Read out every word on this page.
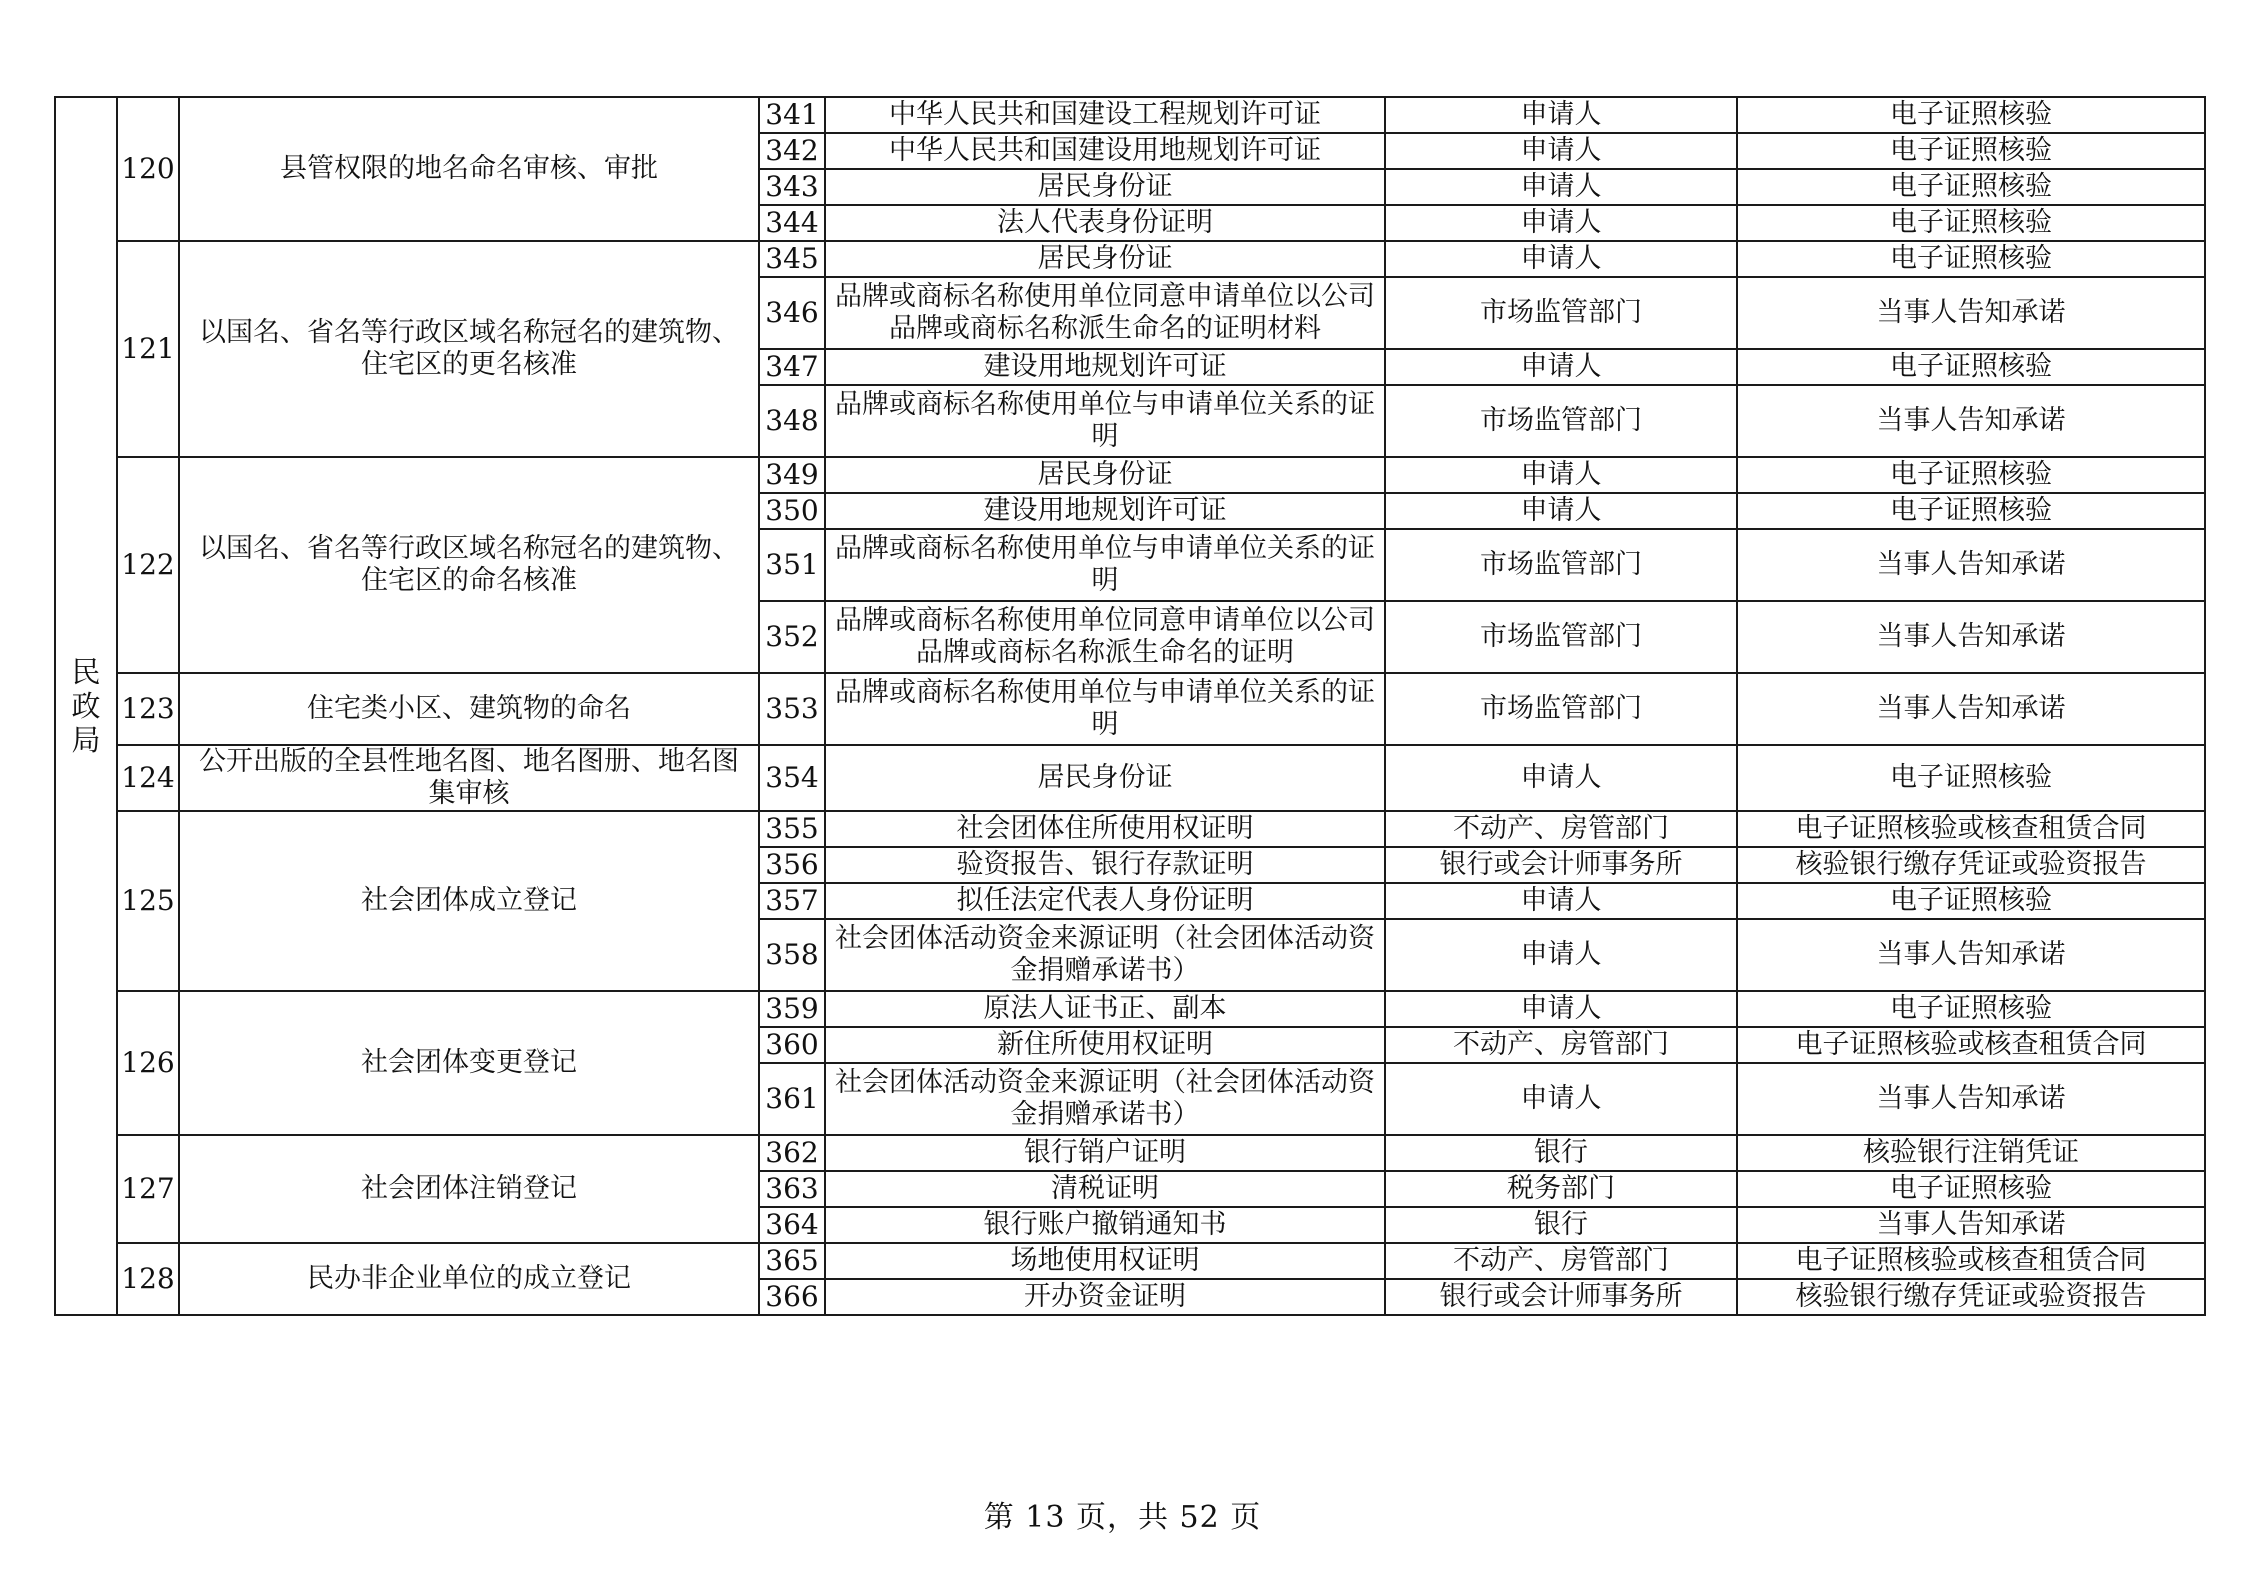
民政局	120	县管权限的地名命名审核、审批	341	中华人民共和国建设工程规划许可证	申请人	电子证照核验
			342	中华人民共和国建设用地规划许可证	申请人	电子证照核验
			343	居民身份证	申请人	电子证照核验
			344	法人代表身份证明	申请人	电子证照核验
	121	以国名、省名等行政区域名称冠名的建筑物、住宅区的更名核准	345	居民身份证	申请人	电子证照核验
			346	品牌或商标名称使用单位同意申请单位以公司品牌或商标名称派生命名的证明材料	市场监管部门	当事人告知承诺
			347	建设用地规划许可证	申请人	电子证照核验
			348	品牌或商标名称使用单位与申请单位关系的证明	市场监管部门	当事人告知承诺
	122	以国名、省名等行政区域名称冠名的建筑物、住宅区的命名核准	349	居民身份证	申请人	电子证照核验
			350	建设用地规划许可证	申请人	电子证照核验
			351	品牌或商标名称使用单位与申请单位关系的证明	市场监管部门	当事人告知承诺
			352	品牌或商标名称使用单位同意申请单位以公司品牌或商标名称派生命名的证明	市场监管部门	当事人告知承诺
	123	住宅类小区、建筑物的命名	353	品牌或商标名称使用单位与申请单位关系的证明	市场监管部门	当事人告知承诺
	124	公开出版的全县性地名图、地名图册、地名图集审核	354	居民身份证	申请人	电子证照核验
	125	社会团体成立登记	355	社会团体住所使用权证明	不动产、房管部门	电子证照核验或核查租赁合同
			356	验资报告、银行存款证明	银行或会计师事务所	核验银行缴存凭证或验资报告
			357	拟任法定代表人身份证明	申请人	电子证照核验
			358	社会团体活动资金来源证明（社会团体活动资金捐赠承诺书）	申请人	当事人告知承诺
	126	社会团体变更登记	359	原法人证书正、副本	申请人	电子证照核验
			360	新住所使用权证明	不动产、房管部门	电子证照核验或核查租赁合同
			361	社会团体活动资金来源证明（社会团体活动资金捐赠承诺书）	申请人	当事人告知承诺
	127	社会团体注销登记	362	银行销户证明	银行	核验银行注销凭证
			363	清税证明	税务部门	电子证照核验
			364	银行账户撤销通知书	银行	当事人告知承诺
	128	民办非企业单位的成立登记	365	场地使用权证明	不动产、房管部门	电子证照核验或核查租赁合同
			366	开办资金证明	银行或会计师事务所	核验银行缴存凭证或验资报告
第 13 页，共 52 页
